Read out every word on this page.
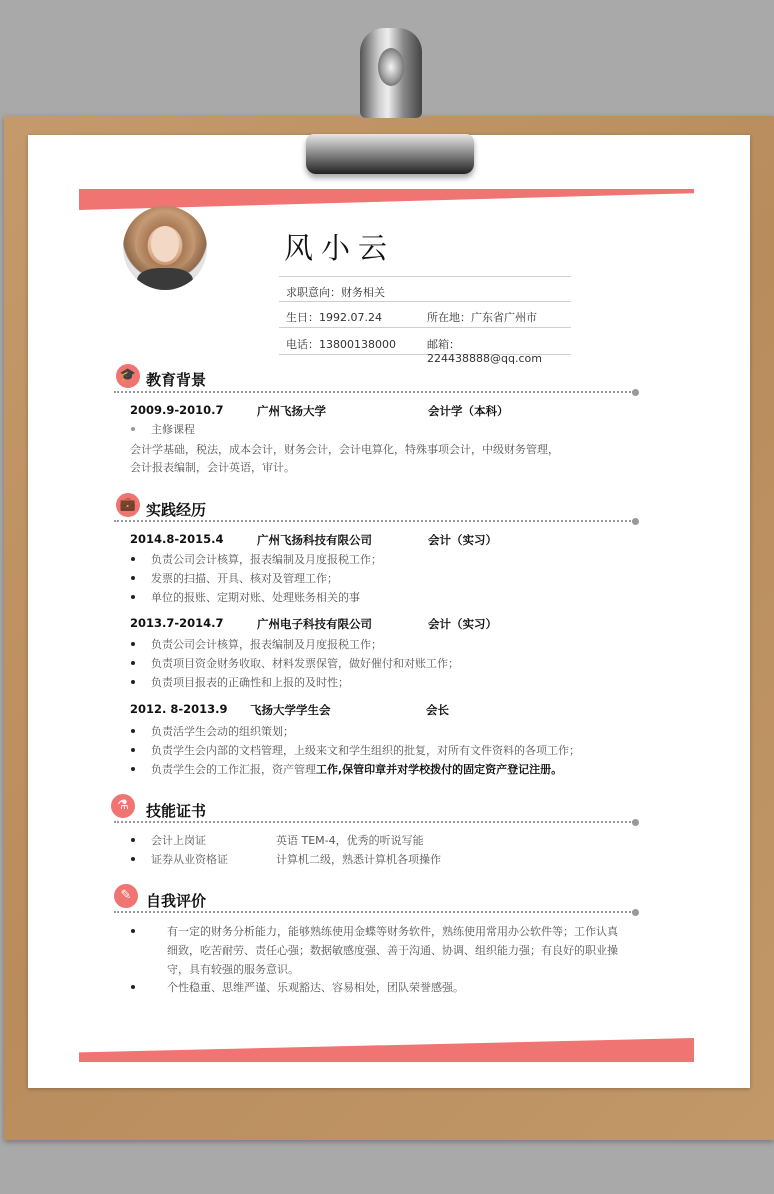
风小云
求职意向：财务相关
生日：1992.07.24	所在地：广东省广州市
电话：13800138000	邮箱：224438888@qq.com
🎓 教育背景
2009.9-2010.7	广州飞扬大学	会计学（本科）
主修课程
会计学基础，税法，成本会计，财务会计，会计电算化，特殊事项会计，中级财务管理，
会计报表编制，会计英语，审计。
💼 实践经历
2014.8-2015.4	广州飞扬科技有限公司	会计（实习）
负责公司会计核算，报表编制及月度报税工作；
发票的扫描、开具、核对及管理工作；
单位的报账、定期对账、处理账务相关的事
2013.7-2014.7	广州电子科技有限公司	会计（实习）
负责公司会计核算，报表编制及月度报税工作；
负责项目资金财务收取、材料发票保管，做好催付和对账工作；
负责项目报表的正确性和上报的及时性；
2012. 8-2013.9 飞扬大学学生会	会长
负责活学生会动的组织策划；
负责学生会内部的文档管理，上级来文和学生组织的批复，对所有文件资料的各项工作；
负责学生会的工作汇报，资产管理工作,保管印章并对学校拨付的固定资产登记注册。
⚗	技能证书
会计上岗证	英语 TEM-4，优秀的听说写能
证券从业资格证	计算机二级，熟悉计算机各项操作
✎ 自我评价
有一定的财务分析能力，能够熟练使用金蝶等财务软件，熟练使用常用办公软件等；工作认真
细致，吃苦耐劳、责任心强；数据敏感度强、善于沟通、协调、组织能力强；有良好的职业操
守，具有较强的服务意识。
个性稳重、思维严谨、乐观豁达、容易相处，团队荣誉感强。
